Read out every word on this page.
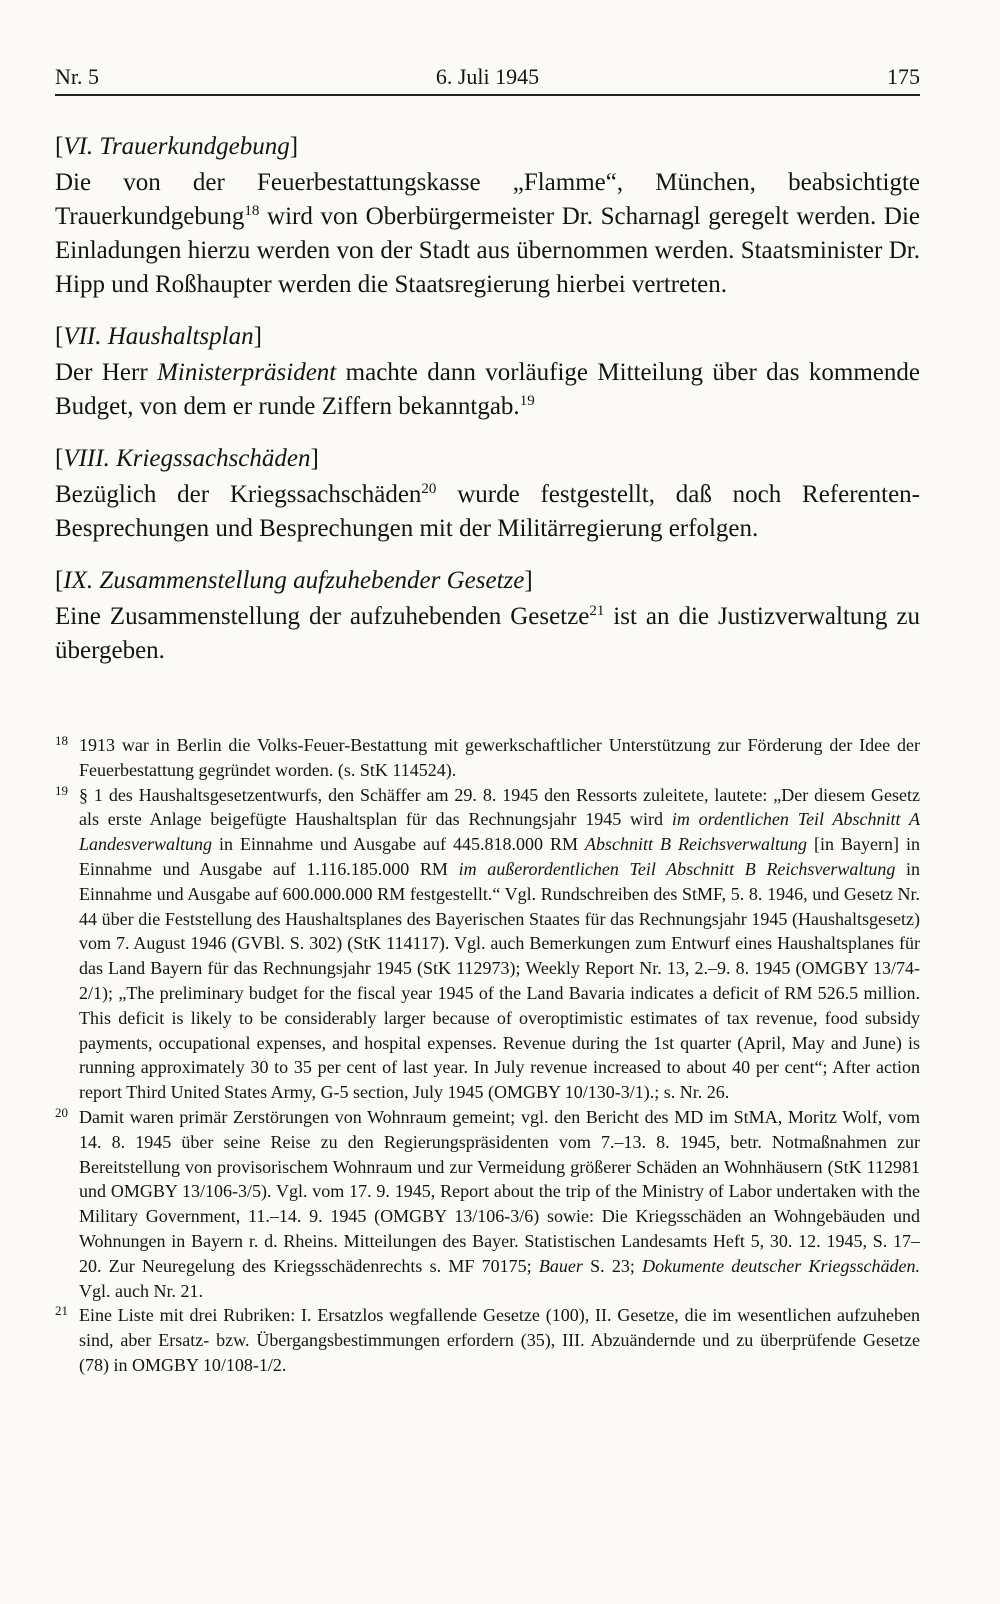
Nr. 5	6. Juli 1945	175

[VI. Trauerkundgebung]

Die von der Feuerbestattungskasse „Flamme“, München, beabsichtigte Trauerkundgebung$^{18}$ wird von Oberbürgermeister Dr. Scharnagl geregelt werden. Die Einladungen hierzu werden von der Stadt aus übernommen werden. Staatsminister Dr. Hipp und Roßhaupter werden die Staatsregierung hierbei vertreten.

[VII. Haushaltsplan]

Der Herr Ministerpräsident machte dann vorläufige Mitteilung über das kommende Budget, von dem er runde Ziffern bekanntgab.$^{19}$

[VIII. Kriegssachschäden]

Bezüglich der Kriegssachschäden$^{20}$ wurde festgestellt, daß noch Referenten-Besprechungen und Besprechungen mit der Militärregierung erfolgen.

[IX. Zusammenstellung aufzuhebender Gesetze]

Eine Zusammenstellung der aufzuhebenden Gesetze$^{21}$ ist an die Justizverwaltung zu übergeben.

18 1913 war in Berlin die Volks-Feuer-Bestattung mit gewerkschaftlicher Unterstützung zur Förderung der Idee der Feuerbestattung gegründet worden. (s. StK 114524).

19 § 1 des Haushaltsgesetzentwurfs, den Schäffer am 29. 8. 1945 den Ressorts zuleitete, lautete: „Der diesem Gesetz als erste Anlage beigefügte Haushaltsplan für das Rechnungsjahr 1945 wird im ordentlichen Teil Abschnitt A Landesverwaltung in Einnahme und Ausgabe auf 445.818.000 RM Abschnitt B Reichsverwaltung [in Bayern] in Einnahme und Ausgabe auf 1.116.185.000 RM im außerordentlichen Teil Abschnitt B Reichsverwaltung in Einnahme und Ausgabe auf 600.000.000 RM festgestellt.“ Vgl. Rundschreiben des StMF, 5. 8. 1946, und Gesetz Nr. 44 über die Feststellung des Haushaltsplanes des Bayerischen Staates für das Rechnungsjahr 1945 (Haushaltsgesetz) vom 7. August 1946 (GVBl. S. 302) (StK 114117). Vgl. auch Bemerkungen zum Entwurf eines Haushaltsplanes für das Land Bayern für das Rechnungsjahr 1945 (StK 112973); Weekly Report Nr. 13, 2.–9. 8. 1945 (OMGBY 13/74-2/1); „The preliminary budget for the fiscal year 1945 of the Land Bavaria indicates a deficit of RM 526.5 million. This deficit is likely to be considerably larger because of overoptimistic estimates of tax revenue, food subsidy payments, occupational expenses, and hospital expenses. Revenue during the 1st quarter (April, May and June) is running approximately 30 to 35 per cent of last year. In July revenue increased to about 40 per cent“; After action report Third United States Army, G-5 section, July 1945 (OMGBY 10/130-3/1).; s. Nr. 26.

20 Damit waren primär Zerstörungen von Wohnraum gemeint; vgl. den Bericht des MD im StMA, Moritz Wolf, vom 14. 8. 1945 über seine Reise zu den Regierungspräsidenten vom 7.–13. 8. 1945, betr. Notmaßnahmen zur Bereitstellung von provisorischem Wohnraum und zur Vermeidung größerer Schäden an Wohnhäusern (StK 112981 und OMGBY 13/106-3/5). Vgl. vom 17. 9. 1945, Report about the trip of the Ministry of Labor undertaken with the Military Government, 11.–14. 9. 1945 (OMGBY 13/106-3/6) sowie: Die Kriegsschäden an Wohngebäuden und Wohnungen in Bayern r. d. Rheins. Mitteilungen des Bayer. Statistischen Landesamts Heft 5, 30. 12. 1945, S. 17–20. Zur Neuregelung des Kriegsschädenrechts s. MF 70175; Bauer S. 23; Dokumente deutscher Kriegsschäden. Vgl. auch Nr. 21.

21 Eine Liste mit drei Rubriken: I. Ersatzlos wegfallende Gesetze (100), II. Gesetze, die im wesentlichen aufzuheben sind, aber Ersatz- bzw. Übergangsbestimmungen erfordern (35), III. Abzuändernde und zu überprüfende Gesetze (78) in OMGBY 10/108-1/2.
